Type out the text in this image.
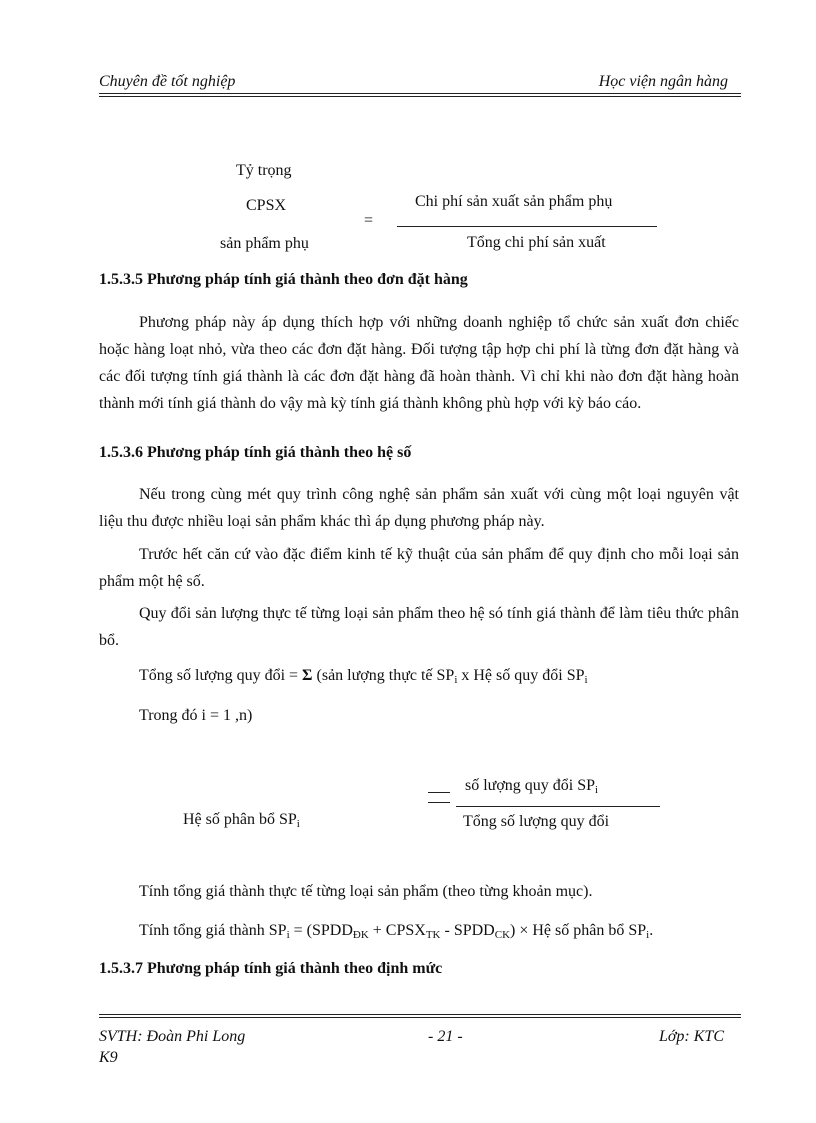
Chuyên đề tốt nghiệp	Học viện ngân hàng
Tỷ trọng
CPSX
sản phẩm phụ
=
Chi phí sản xuất sản phẩm phụ
Tổng chi phí sản xuất
1.5.3.5 Phương pháp tính giá thành theo đơn đặt hàng
Phương pháp này áp dụng thích hợp với những doanh nghiệp tổ chức sản xuất đơn chiếc hoặc hàng loạt nhỏ, vừa theo các đơn đặt hàng. Đối tượng tập hợp chi phí là từng đơn đặt hàng và các đối tượng tính giá thành là các đơn đặt hàng đã hoàn thành. Vì chỉ khi nào đơn đặt hàng hoàn thành mới tính giá thành do vậy mà kỳ tính giá thành không phù hợp với kỳ báo cáo.
1.5.3.6 Phương pháp tính giá thành theo hệ số
Nếu trong cùng mét quy trình công nghệ sản phẩm sản xuất với cùng một loại nguyên vật liệu thu được nhiều loại sản phẩm khác thì áp dụng phương pháp này.
Trước hết căn cứ vào đặc điểm kinh tế kỹ thuật của sản phẩm để quy định cho mỗi loại sản phẩm một hệ số.
Quy đổi sản lượng thực tế từng loại sản phẩm theo hệ só tính giá thành để làm tiêu thức phân bổ.
Tổng số lượng quy đổi = Σ (sản lượng thực tế $SP_i$ x Hệ số quy đổi $SP_i$
Trong đó i = 1 ,n)
số lượng quy đổi $SP_i$
Hệ số phân bổ $SP_i$	Tổng số lượng quy đổi
Tính tổng giá thành thực tế từng loại sản phẩm (theo từng khoản mục).
Tính tổng giá thành $SP_i$ = ($SPDD_{ĐK}$ + $CPSX_{TK}$ - $SPDD_{CK}$) × Hệ số phân bổ $SP_i$.
1.5.3.7 Phương pháp tính giá thành theo định mức
SVTH: Đoàn Phi Long
K9
- 21 -	Lớp: KTC
